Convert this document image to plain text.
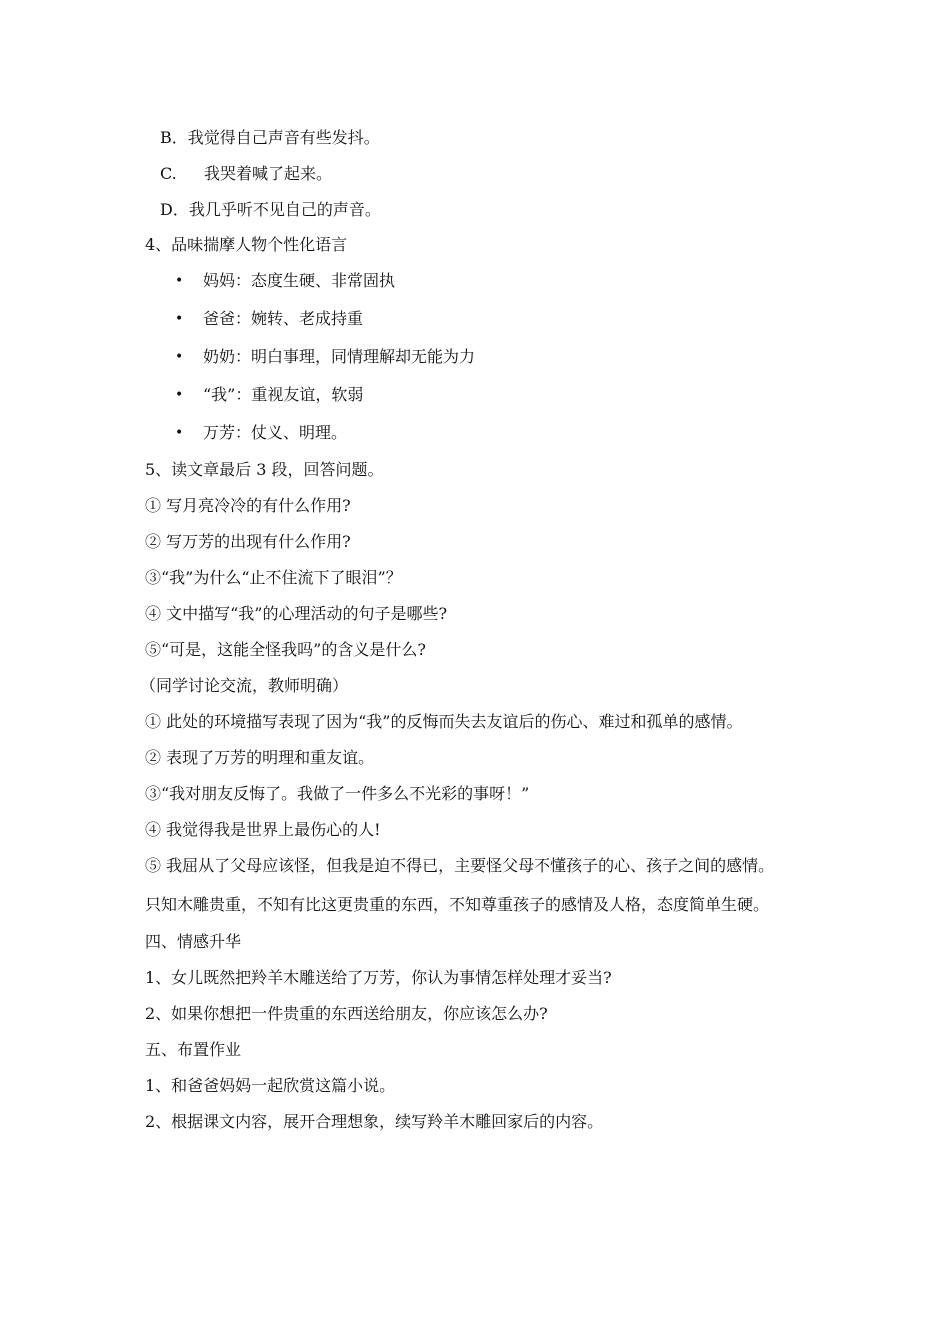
B．我觉得自己声音有些发抖。
C. 我哭着喊了起来。
D．我几乎听不见自己的声音。
4、品味揣摩人物个性化语言
• 妈妈：态度生硬、非常固执
• 爸爸：婉转、老成持重
• 奶奶：明白事理，同情理解却无能为力
• “我”：重视友谊，软弱
• 万芳：仗义、明理。
5、读文章最后 3 段，回答问题。
① 写月亮冷冷的有什么作用?
② 写万芳的出现有什么作用?
③“我”为什么“止不住流下了眼泪”？
④ 文中描写“我”的心理活动的句子是哪些?
⑤“可是，这能全怪我吗”的含义是什么?
（同学讨论交流，教师明确）
① 此处的环境描写表现了因为“我”的反悔而失去友谊后的伤心、难过和孤单的感情。
② 表现了万芳的明理和重友谊。
③“我对朋友反悔了。我做了一件多么不光彩的事呀！”
④ 我觉得我是世界上最伤心的人!
⑤ 我屈从了父母应该怪，但我是迫不得已，主要怪父母不懂孩子的心、孩子之间的感情。
只知木雕贵重，不知有比这更贵重的东西，不知尊重孩子的感情及人格，态度简单生硬。
四、情感升华
1、女儿既然把羚羊木雕送给了万芳，你认为事情怎样处理才妥当?
2、如果你想把一件贵重的东西送给朋友，你应该怎么办?
五、布置作业
1、和爸爸妈妈一起欣赏这篇小说。
2、根据课文内容，展开合理想象，续写羚羊木雕回家后的内容。
